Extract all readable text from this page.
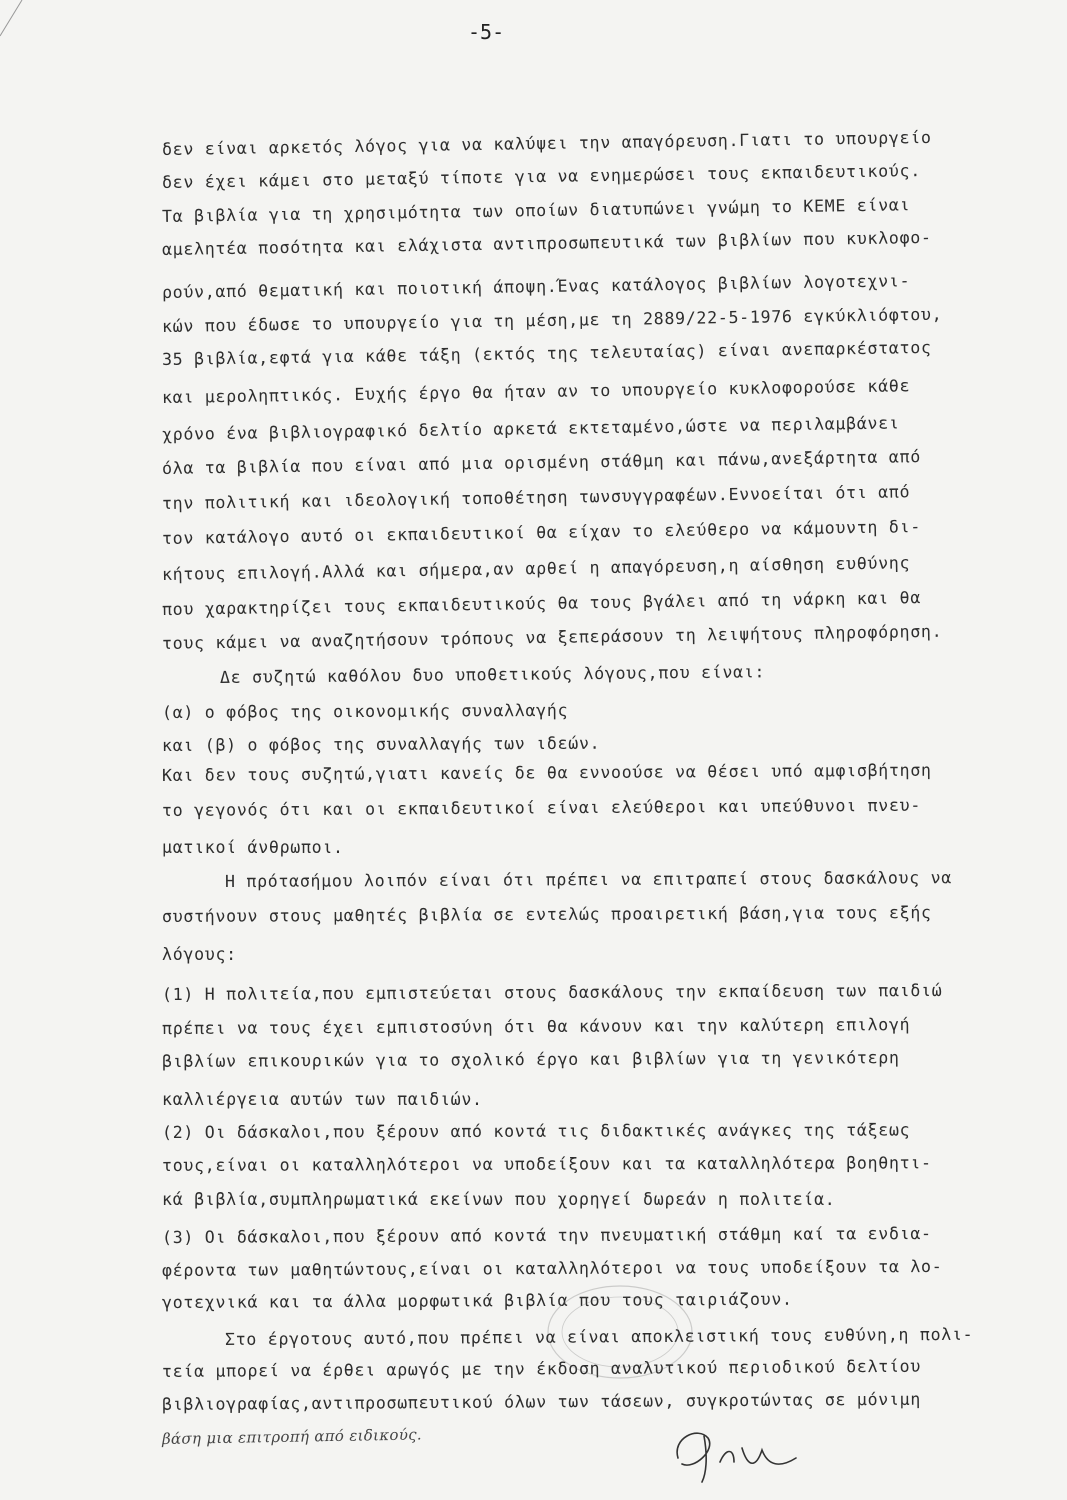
-5-
δεν είναι αρκετός λόγος για να καλύψει την απαγόρευση.Γιατι το υπουργείο
δεν έχει κάμει στο μεταξύ τίποτε για να ενημερώσει τους εκπαιδευτικούς.
Τα βιβλία για τη χρησιμότητα των οποίων διατυπώνει γνώμη το ΚΕΜΕ είναι
αμελητέα ποσότητα και ελάχιστα αντιπροσωπευτικά των βιβλίων που κυκλοφο-
ρούν,από θεματική και ποιοτική άποψη.Ένας κατάλογος βιβλίων λογοτεχνι-
κών που έδωσε το υπουργείο για τη μέση,με τη 2889/22-5-1976 εγκύκλιόφτου,
35 βιβλία,εφτά για κάθε τάξη (εκτός της τελευταίας) είναι ανεπαρκέστατος
και μεροληπτικός. Ευχής έργο θα ήταν αν το υπουργείο κυκλοφορούσε κάθε
χρόνο ένα βιβλιογραφικό δελτίο αρκετά εκτεταμένο,ώστε να περιλαμβάνει
όλα τα βιβλία που είναι από μια ορισμένη στάθμη και πάνω,ανεξάρτητα από
την πολιτική και ιδεολογική τοποθέτηση τωνσυγγραφέων.Εννοείται ότι από
τον κατάλογο αυτό οι εκπαιδευτικοί θα είχαν το ελεύθερο να κάμουντη δι-
κήτους επιλογή.Αλλά και σήμερα,αν αρθεί η απαγόρευση,η αίσθηση ευθύνης
που χαρακτηρίζει τους εκπαιδευτικούς θα τους βγάλει από τη νάρκη και θα
τους κάμει να αναζητήσουν τρόπους να ξεπεράσουν τη λειψήτους πληροφόρηση.
Δε συζητώ καθόλου δυο υποθετικούς λόγους,που είναι:
(α) ο φόβος της οικονομικής συναλλαγής
και (β) ο φόβος της συναλλαγής των ιδεών.
Και δεν τους συζητώ,γιατι κανείς δε θα εννοούσε να θέσει υπό αμφισβήτηση
το γεγονός ότι και οι εκπαιδευτικοί είναι ελεύθεροι και υπεύθυνοι πνευ-
ματικοί άνθρωποι.
Η πρότασήμου λοιπόν είναι ότι πρέπει να επιτραπεί στους δασκάλους να
συστήνουν στους μαθητές βιβλία σε εντελώς προαιρετική βάση,για τους εξής
λόγους:
(1) Η πολιτεία,που εμπιστεύεται στους δασκάλους την εκπαίδευση των παιδιώ
πρέπει να τους έχει εμπιστοσύνη ότι θα κάνουν και την καλύτερη επιλογή
βιβλίων επικουρικών για το σχολικό έργο και βιβλίων για τη γενικότερη
καλλιέργεια αυτών των παιδιών.
(2) Οι δάσκαλοι,που ξέρουν από κοντά τις διδακτικές ανάγκες της τάξεως
τους,είναι οι καταλληλότεροι να υποδείξουν και τα καταλληλότερα βοηθητι-
κά βιβλία,συμπληρωματικά εκείνων που χορηγεί δωρεάν η πολιτεία.
(3) Οι δάσκαλοι,που ξέρουν από κοντά την πνευματική στάθμη καί τα ενδια-
φέροντα των μαθητώντους,είναι οι καταλληλότεροι να τους υποδείξουν τα λο-
γοτεχνικά και τα άλλα μορφωτικά βιβλία που τους ταιριάζουν.
Στο έργοτους αυτό,που πρέπει να είναι αποκλειστική τους ευθύνη,η πολι-
τεία μπορεί να έρθει αρωγός με την έκδοση αναλυτικού περιοδικού δελτίου
βιβλιογραφίας,αντιπροσωπευτικού όλων των τάσεων, συγκροτώντας σε μόνιμη
βάση μια επιτροπή από ειδικούς.
